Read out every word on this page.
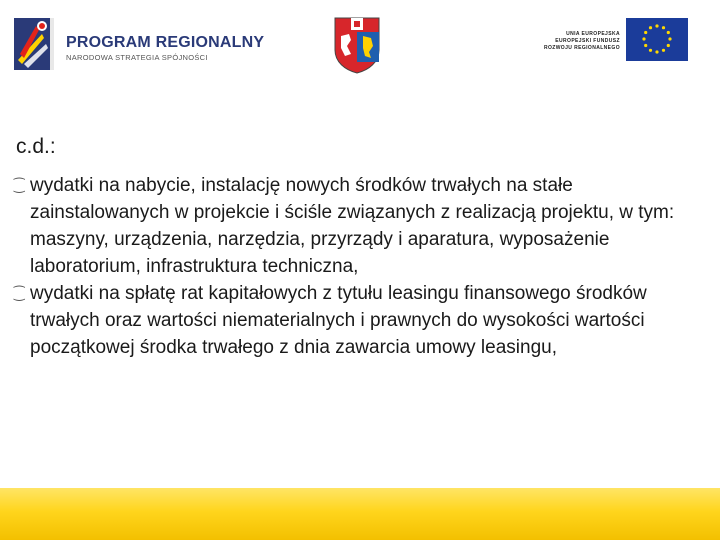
PROGRAM REGIONALNY
NARODOWA STRATEGIA SPÓJNOŚCI
UNIA EUROPEJSKA
EUROPEJSKI FUNDUSZ
ROZWOJU REGIONALNEGO
c.d.:
⁐ wydatki na nabycie, instalację nowych środków trwałych na stałe zainstalowanych w projekcie i ściśle związanych z realizacją projektu, w tym: maszyny, urządzenia, narzędzia, przyrządy i aparatura, wyposażenie laboratorium, infrastruktura techniczna,
⁐ wydatki na spłatę rat kapitałowych z tytułu leasingu finansowego środków trwałych oraz wartości niematerialnych i prawnych do wysokości wartości początkowej środka trwałego z dnia zawarcia umowy leasingu,
